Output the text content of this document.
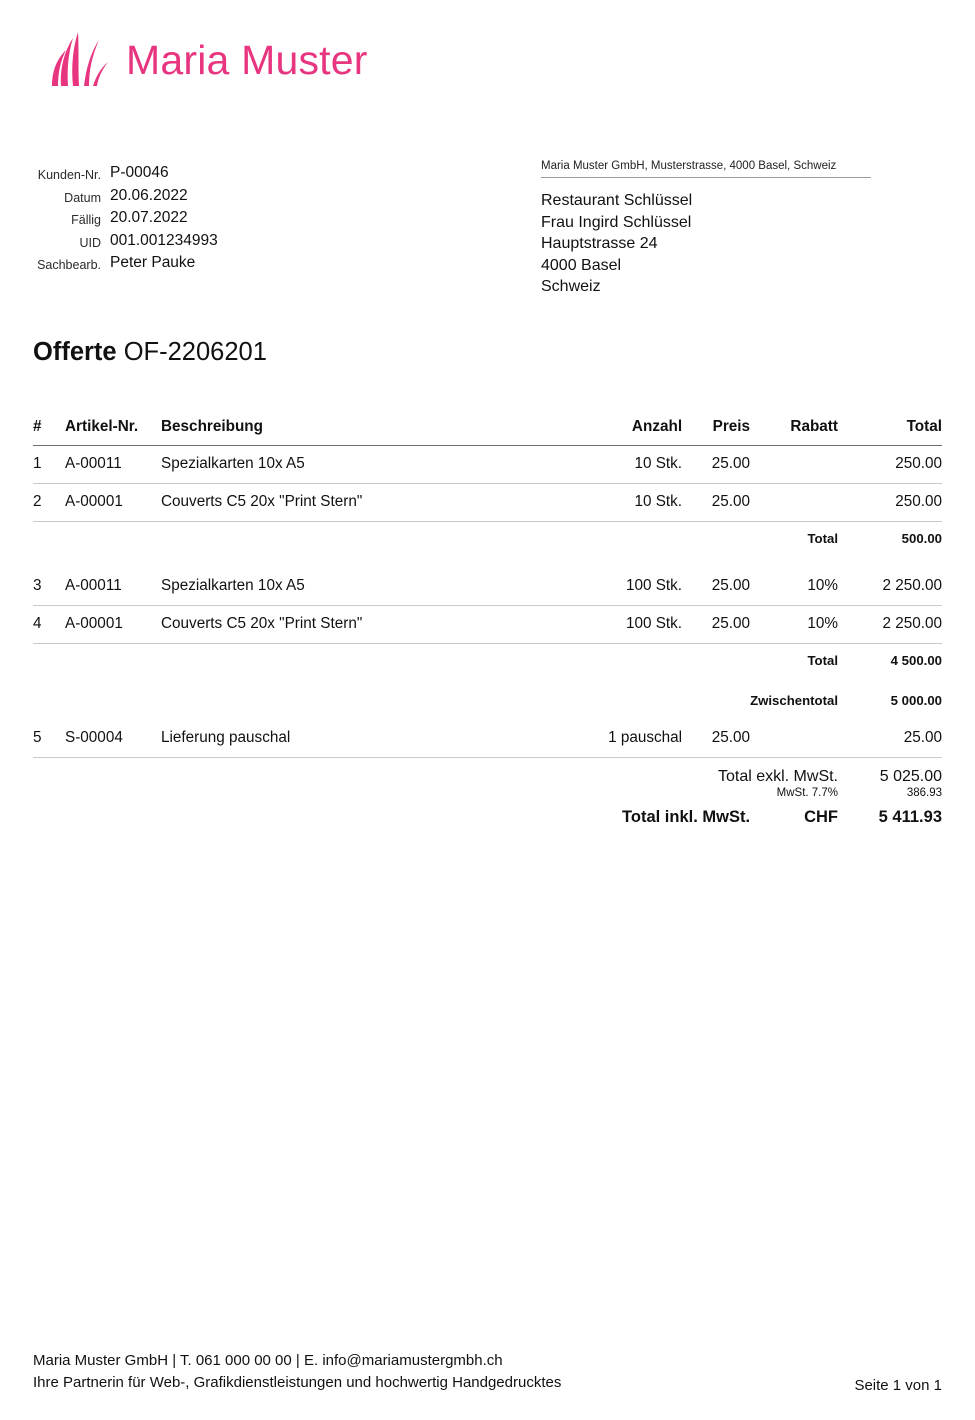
Maria Muster
Kunden-Nr. P-00046
Datum 20.06.2022
Fällig 20.07.2022
UID 001.001234993
Sachbearb. Peter Pauke
Maria Muster GmbH, Musterstrasse, 4000 Basel, Schweiz
Restaurant Schlüssel
Frau Ingird Schlüssel
Hauptstrasse 24
4000 Basel
Schweiz
Offerte OF-2206201
#	Artikel-Nr.	Beschreibung	Anzahl	Preis	Rabatt	Total
1	A-00011	Spezialkarten 10x A5	10 Stk.	25.00		250.00
2	A-00001	Couverts C5 20x "Print Stern"	10 Stk.	25.00		250.00
					Total	500.00

3	A-00011	Spezialkarten 10x A5	100 Stk.	25.00	10%	2 250.00
4	A-00001	Couverts C5 20x "Print Stern"	100 Stk.	25.00	10%	2 250.00
					Total	4 500.00
					Zwischentotal	5 000.00
5	S-00004	Lieferung pauschal	1 pauschal	25.00		25.00
		Total exkl. MwSt.				5 025.00
		MwSt. 7.7%				386.93
		Total inkl. MwSt.			CHF	5 411.93
Maria Muster GmbH | T. 061 000 00 00 | E. info@mariamustergmbh.ch
Ihre Partnerin für Web-, Grafikdienstleistungen und hochwertig Handgedrucktes	Seite 1 von 1
